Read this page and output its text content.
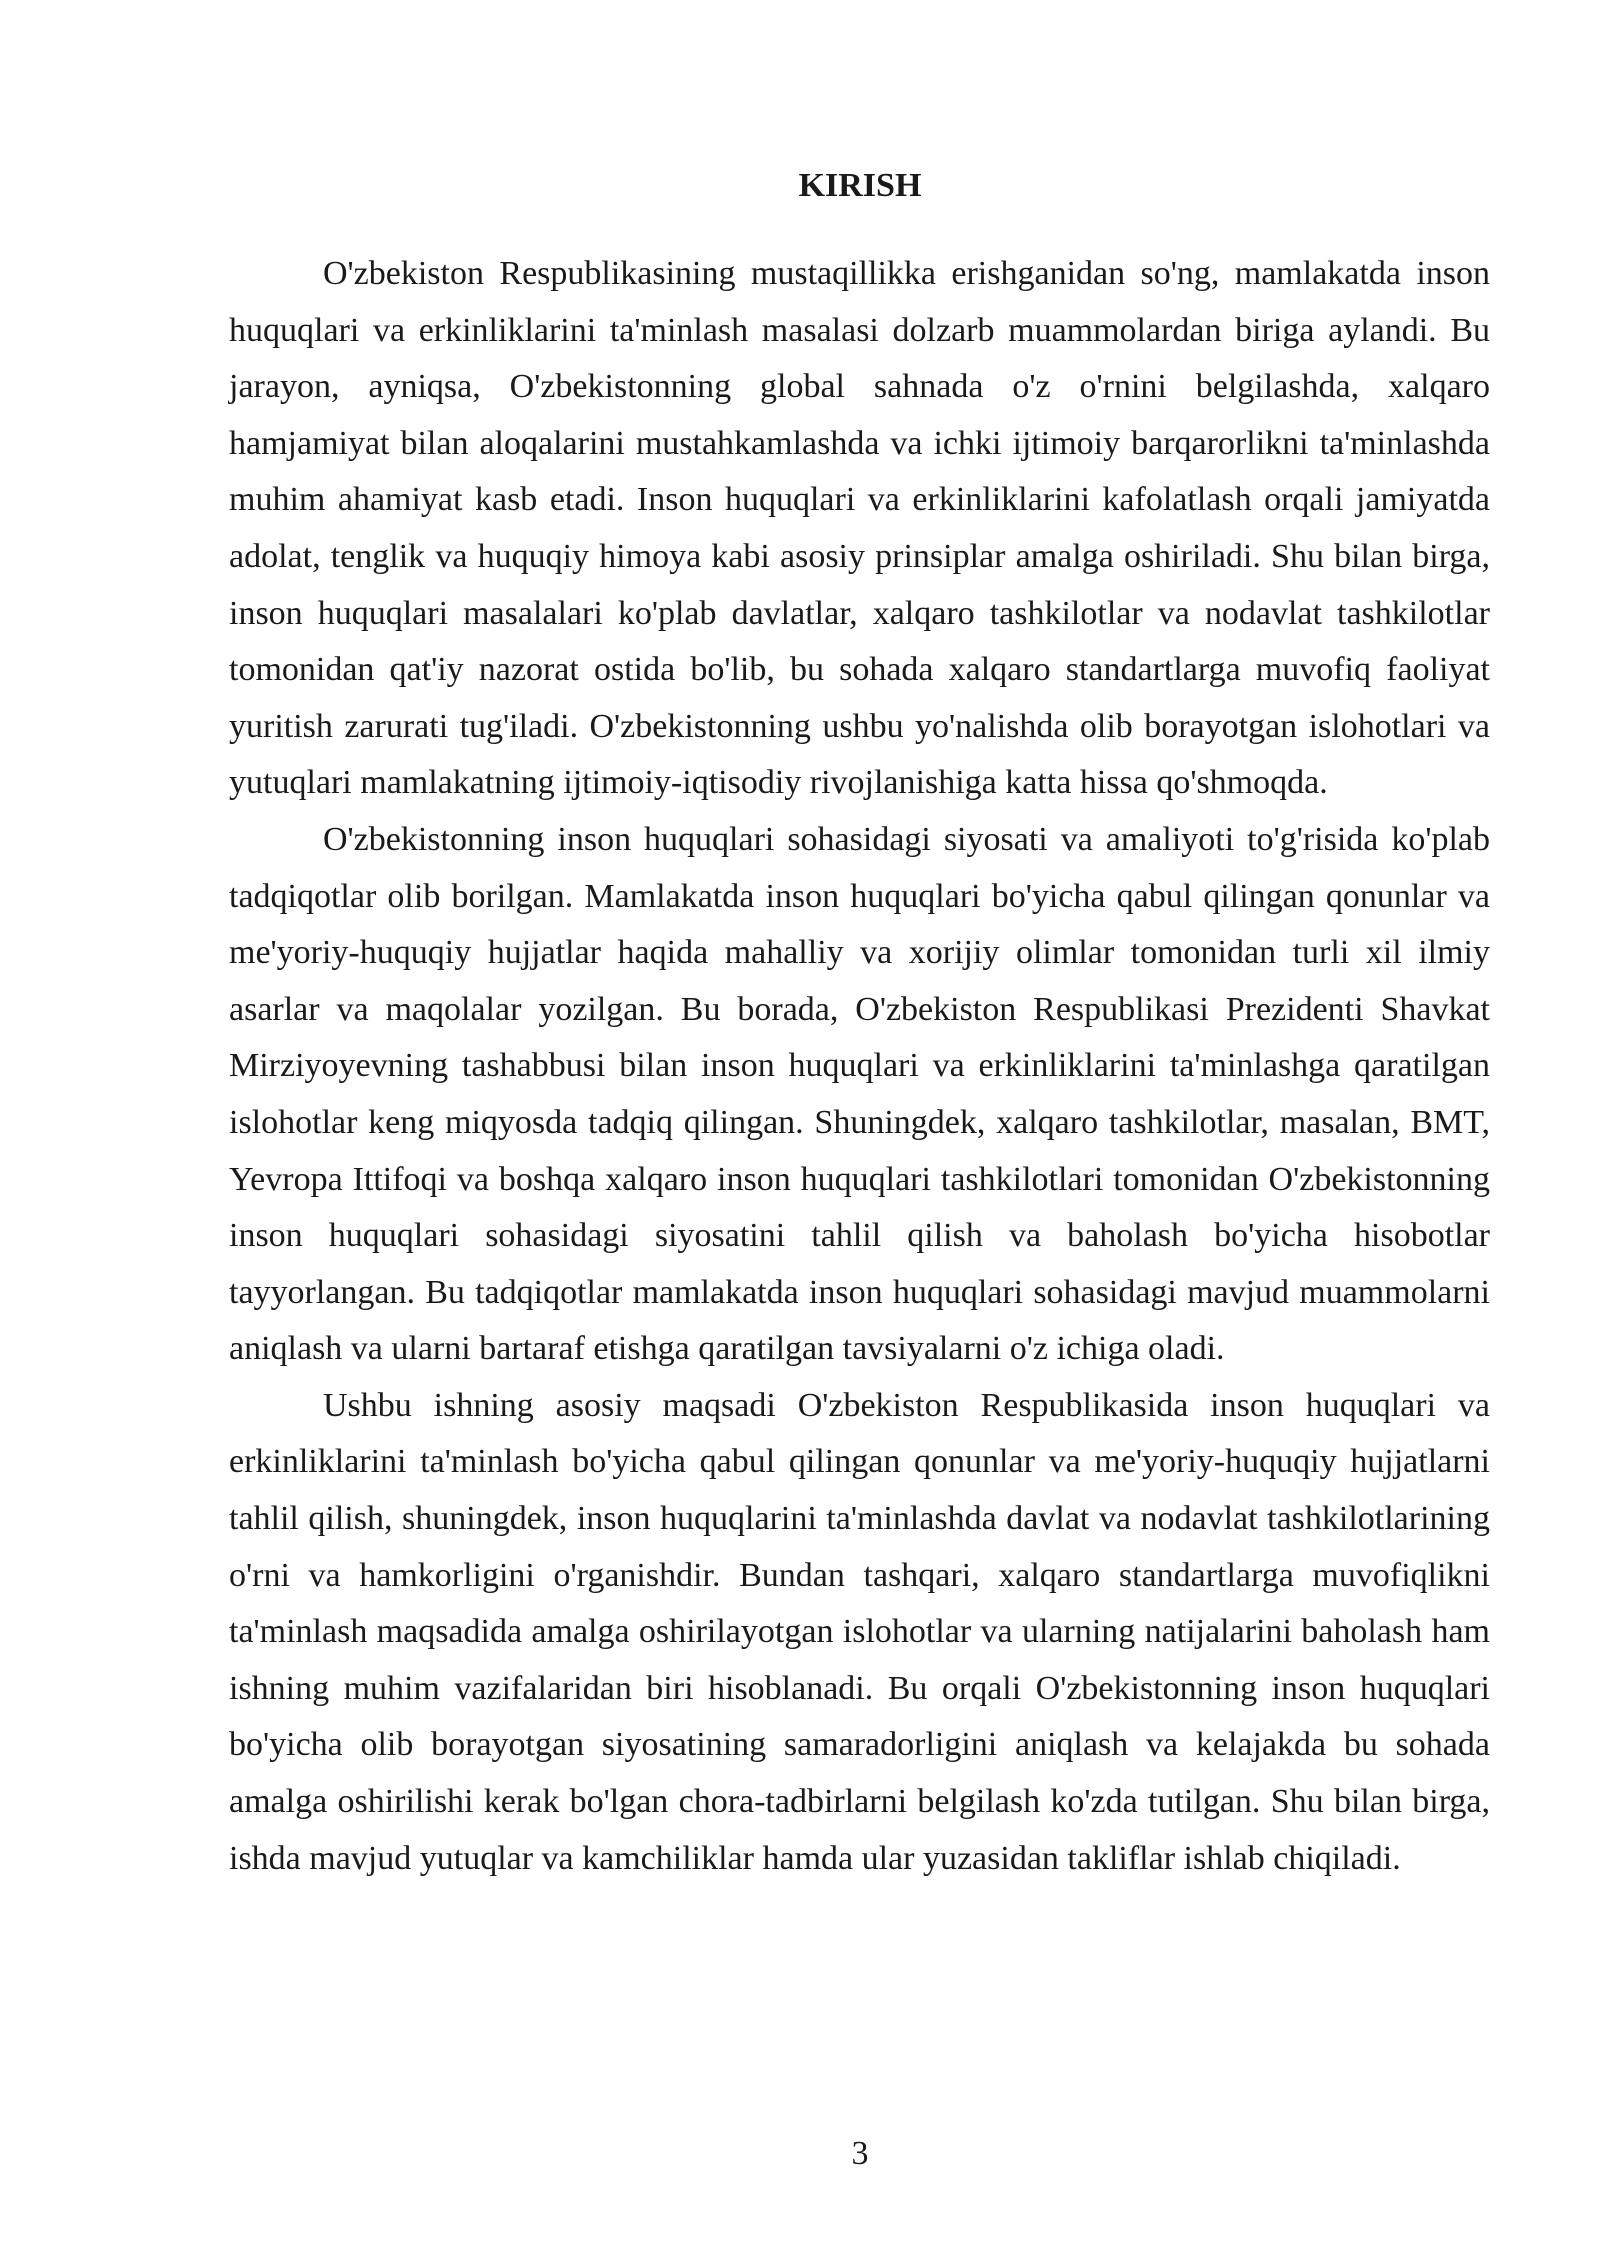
KIRISH

O'zbekiston Respublikasining mustaqillikka erishganidan so'ng, mamlakatda inson huquqlari va erkinliklarini ta'minlash masalasi dolzarb muammolardan biriga aylandi. Bu jarayon, ayniqsa, O'zbekistonning global sahnada o'z o'rnini belgilashda, xalqaro hamjamiyat bilan aloqalarini mustahkamlashda va ichki ijtimoiy barqarorlikni ta'minlashda muhim ahamiyat kasb etadi. Inson huquqlari va erkinliklarini kafolatlash orqali jamiyatda adolat, tenglik va huquqiy himoya kabi asosiy prinsiplar amalga oshiriladi. Shu bilan birga, inson huquqlari masalalari ko'plab davlatlar, xalqaro tashkilotlar va nodavlat tashkilotlar tomonidan qat'iy nazorat ostida bo'lib, bu sohada xalqaro standartlarga muvofiq faoliyat yuritish zarurati tug'iladi. O'zbekistonning ushbu yo'nalishda olib borayotgan islohotlari va yutuqlari mamlakatning ijtimoiy-iqtisodiy rivojlanishiga katta hissa qo'shmoqda.

O'zbekistonning inson huquqlari sohasidagi siyosati va amaliyoti to'g'risida ko'plab tadqiqotlar olib borilgan. Mamlakatda inson huquqlari bo'yicha qabul qilingan qonunlar va me'yoriy-huquqiy hujjatlar haqida mahalliy va xorijiy olimlar tomonidan turli xil ilmiy asarlar va maqolalar yozilgan. Bu borada, O'zbekiston Respublikasi Prezidenti Shavkat Mirziyoyevning tashabbusi bilan inson huquqlari va erkinliklarini ta'minlashga qaratilgan islohotlar keng miqyosda tadqiq qilingan. Shuningdek, xalqaro tashkilotlar, masalan, BMT, Yevropa Ittifoqi va boshqa xalqaro inson huquqlari tashkilotlari tomonidan O'zbekistonning inson huquqlari sohasidagi siyosatini tahlil qilish va baholash bo'yicha hisobotlar tayyorlangan. Bu tadqiqotlar mamlakatda inson huquqlari sohasidagi mavjud muammolarni aniqlash va ularni bartaraf etishga qaratilgan tavsiyalarni o'z ichiga oladi.

Ushbu ishning asosiy maqsadi O'zbekiston Respublikasida inson huquqlari va erkinliklarini ta'minlash bo'yicha qabul qilingan qonunlar va me'yoriy-huquqiy hujjatlarni tahlil qilish, shuningdek, inson huquqlarini ta'minlashda davlat va nodavlat tashkilotlarining o'rni va hamkorligini o'rganishdir. Bundan tashqari, xalqaro standartlarga muvofiqlikni ta'minlash maqsadida amalga oshirilayotgan islohotlar va ularning natijalarini baholash ham ishning muhim vazifalaridan biri hisoblanadi. Bu orqali O'zbekistonning inson huquqlari bo'yicha olib borayotgan siyosatining samaradorligini aniqlash va kelajakda bu sohada amalga oshirilishi kerak bo'lgan chora-tadbirlarni belgilash ko'zda tutilgan. Shu bilan birga, ishda mavjud yutuqlar va kamchiliklar hamda ular yuzasidan takliflar ishlab chiqiladi.

3
